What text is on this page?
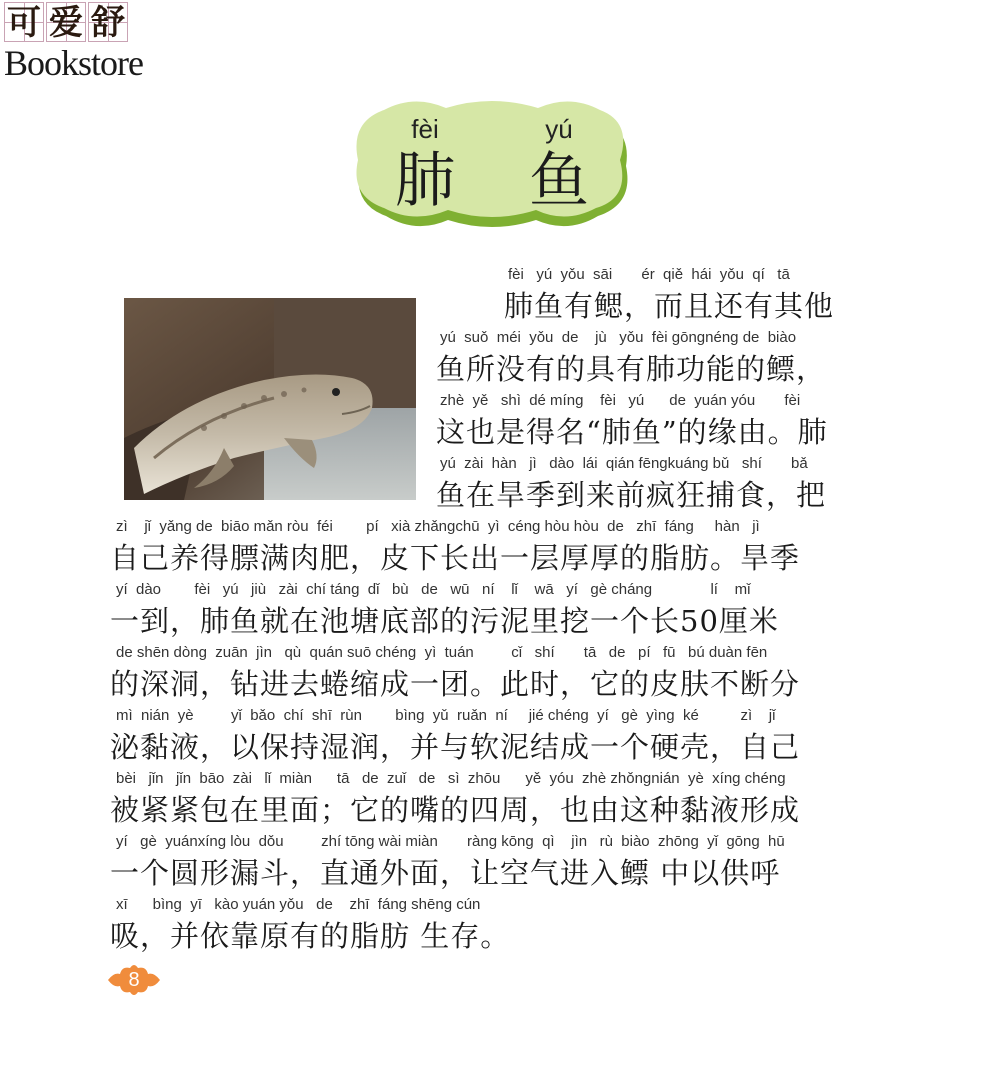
可 爱 舒
Bookstore
fèi	yú
肺 鱼
fèi   yú  yǒu  sāi       ér  qiě  hái  yǒu  qí   tā
肺鱼有鳃，而且还有其他
yú  suǒ  méi  yǒu  de    jù   yǒu  fèi gōngnéng de  biào
鱼所没有的具有肺功能的鳔，
zhè  yě   shì  dé míng    fèi   yú      de  yuán yóu       fèi
这也是得名“肺鱼”的缘由。肺
yú  zài  hàn   jì   dào  lái  qián fēngkuáng bǔ   shí       bǎ
鱼在旱季到来前疯狂捕食，把
zì    jǐ  yǎng de  biāo mǎn ròu  féi        pí   xià zhǎngchū  yì  céng hòu hòu  de   zhī  fáng     hàn   jì
自己养得膘满肉肥，皮下长出一层厚厚的脂肪。旱季
yí  dào        fèi   yú   jiù   zài  chí táng  dǐ   bù   de   wū   ní    lǐ    wā   yí   gè cháng              lí    mǐ
一到，肺鱼就在池塘底部的污泥里挖一个长50厘米
de shēn dòng  zuān  jìn   qù  quán suō chéng  yì  tuán         cǐ   shí       tā   de   pí   fū   bú duàn fēn
的深洞，钻进去蜷缩成一团。此时，它的皮肤不断分
mì  nián  yè         yǐ  bǎo  chí  shī  rùn        bìng  yǔ  ruǎn  ní     jié chéng  yí   gè  yìng  ké          zì    jǐ
泌黏液，以保持湿润，并与软泥结成一个硬壳，自己
bèi   jǐn   jǐn  bāo  zài   lǐ  miàn      tā   de  zuǐ   de   sì  zhōu      yě  yóu  zhè zhǒngnián  yè  xíng chéng
被紧紧包在里面；它的嘴的四周，也由这种黏液形成
yí   gè  yuánxíng lòu  dǒu         zhí tōng wài miàn       ràng kōng  qì    jìn   rù  biào  zhōng  yǐ  gōng  hū
一个圆形漏斗，直通外面，让空气进入鳔 中以供呼
xī      bìng  yī   kào yuán yǒu   de    zhī  fáng shēng cún
吸，并依靠原有的脂肪 生存。
8
